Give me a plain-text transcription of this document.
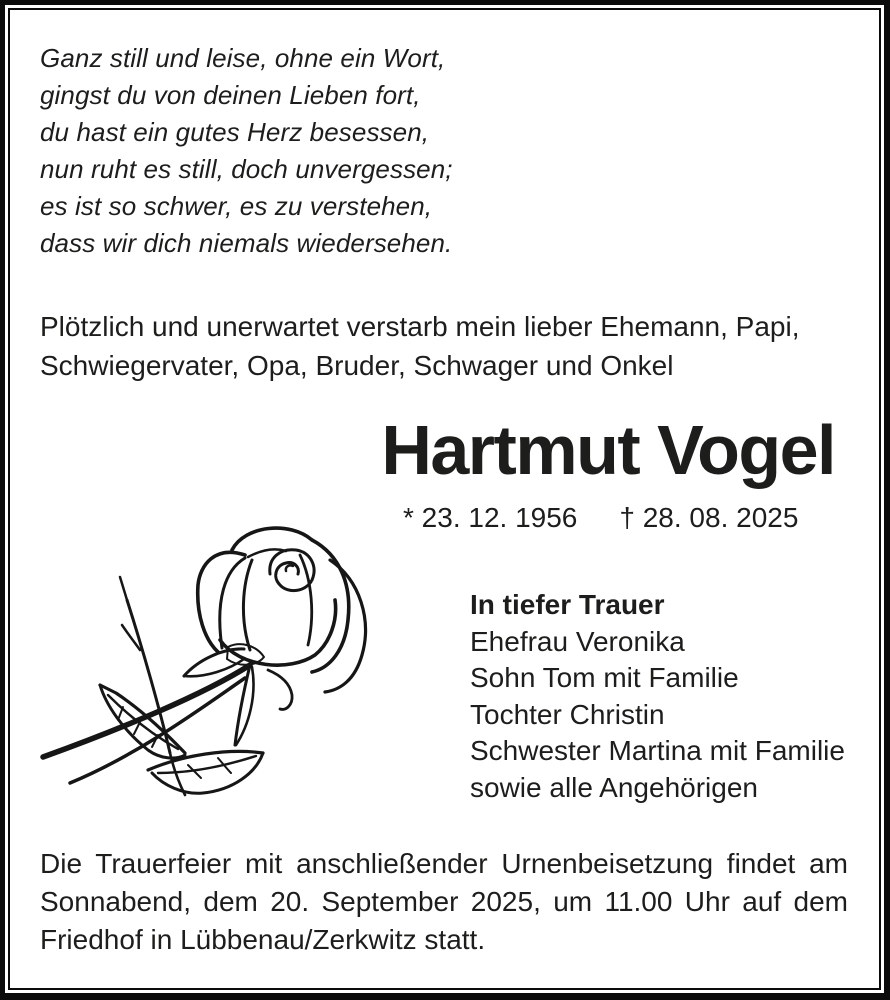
Ganz still und leise, ohne ein Wort,
gingst du von deinen Lieben fort,
du hast ein gutes Herz besessen,
nun ruht es still, doch unvergessen;
es ist so schwer, es zu verstehen,
dass wir dich niemals wiedersehen.
Plötzlich und unerwartet verstarb mein lieber Ehemann, Papi, Schwiegervater, Opa, Bruder, Schwager und Onkel
Hartmut Vogel
* 23. 12. 1956 † 28. 08. 2025
In tiefer Trauer
Ehefrau Veronika
Sohn Tom mit Familie
Tochter Christin
Schwester Martina mit Familie
sowie alle Angehörigen
Die Trauerfeier mit anschließender Urnenbeisetzung findet am Sonnabend, dem 20. September 2025, um 11.00 Uhr auf dem Friedhof in Lübbenau/Zerkwitz statt.
